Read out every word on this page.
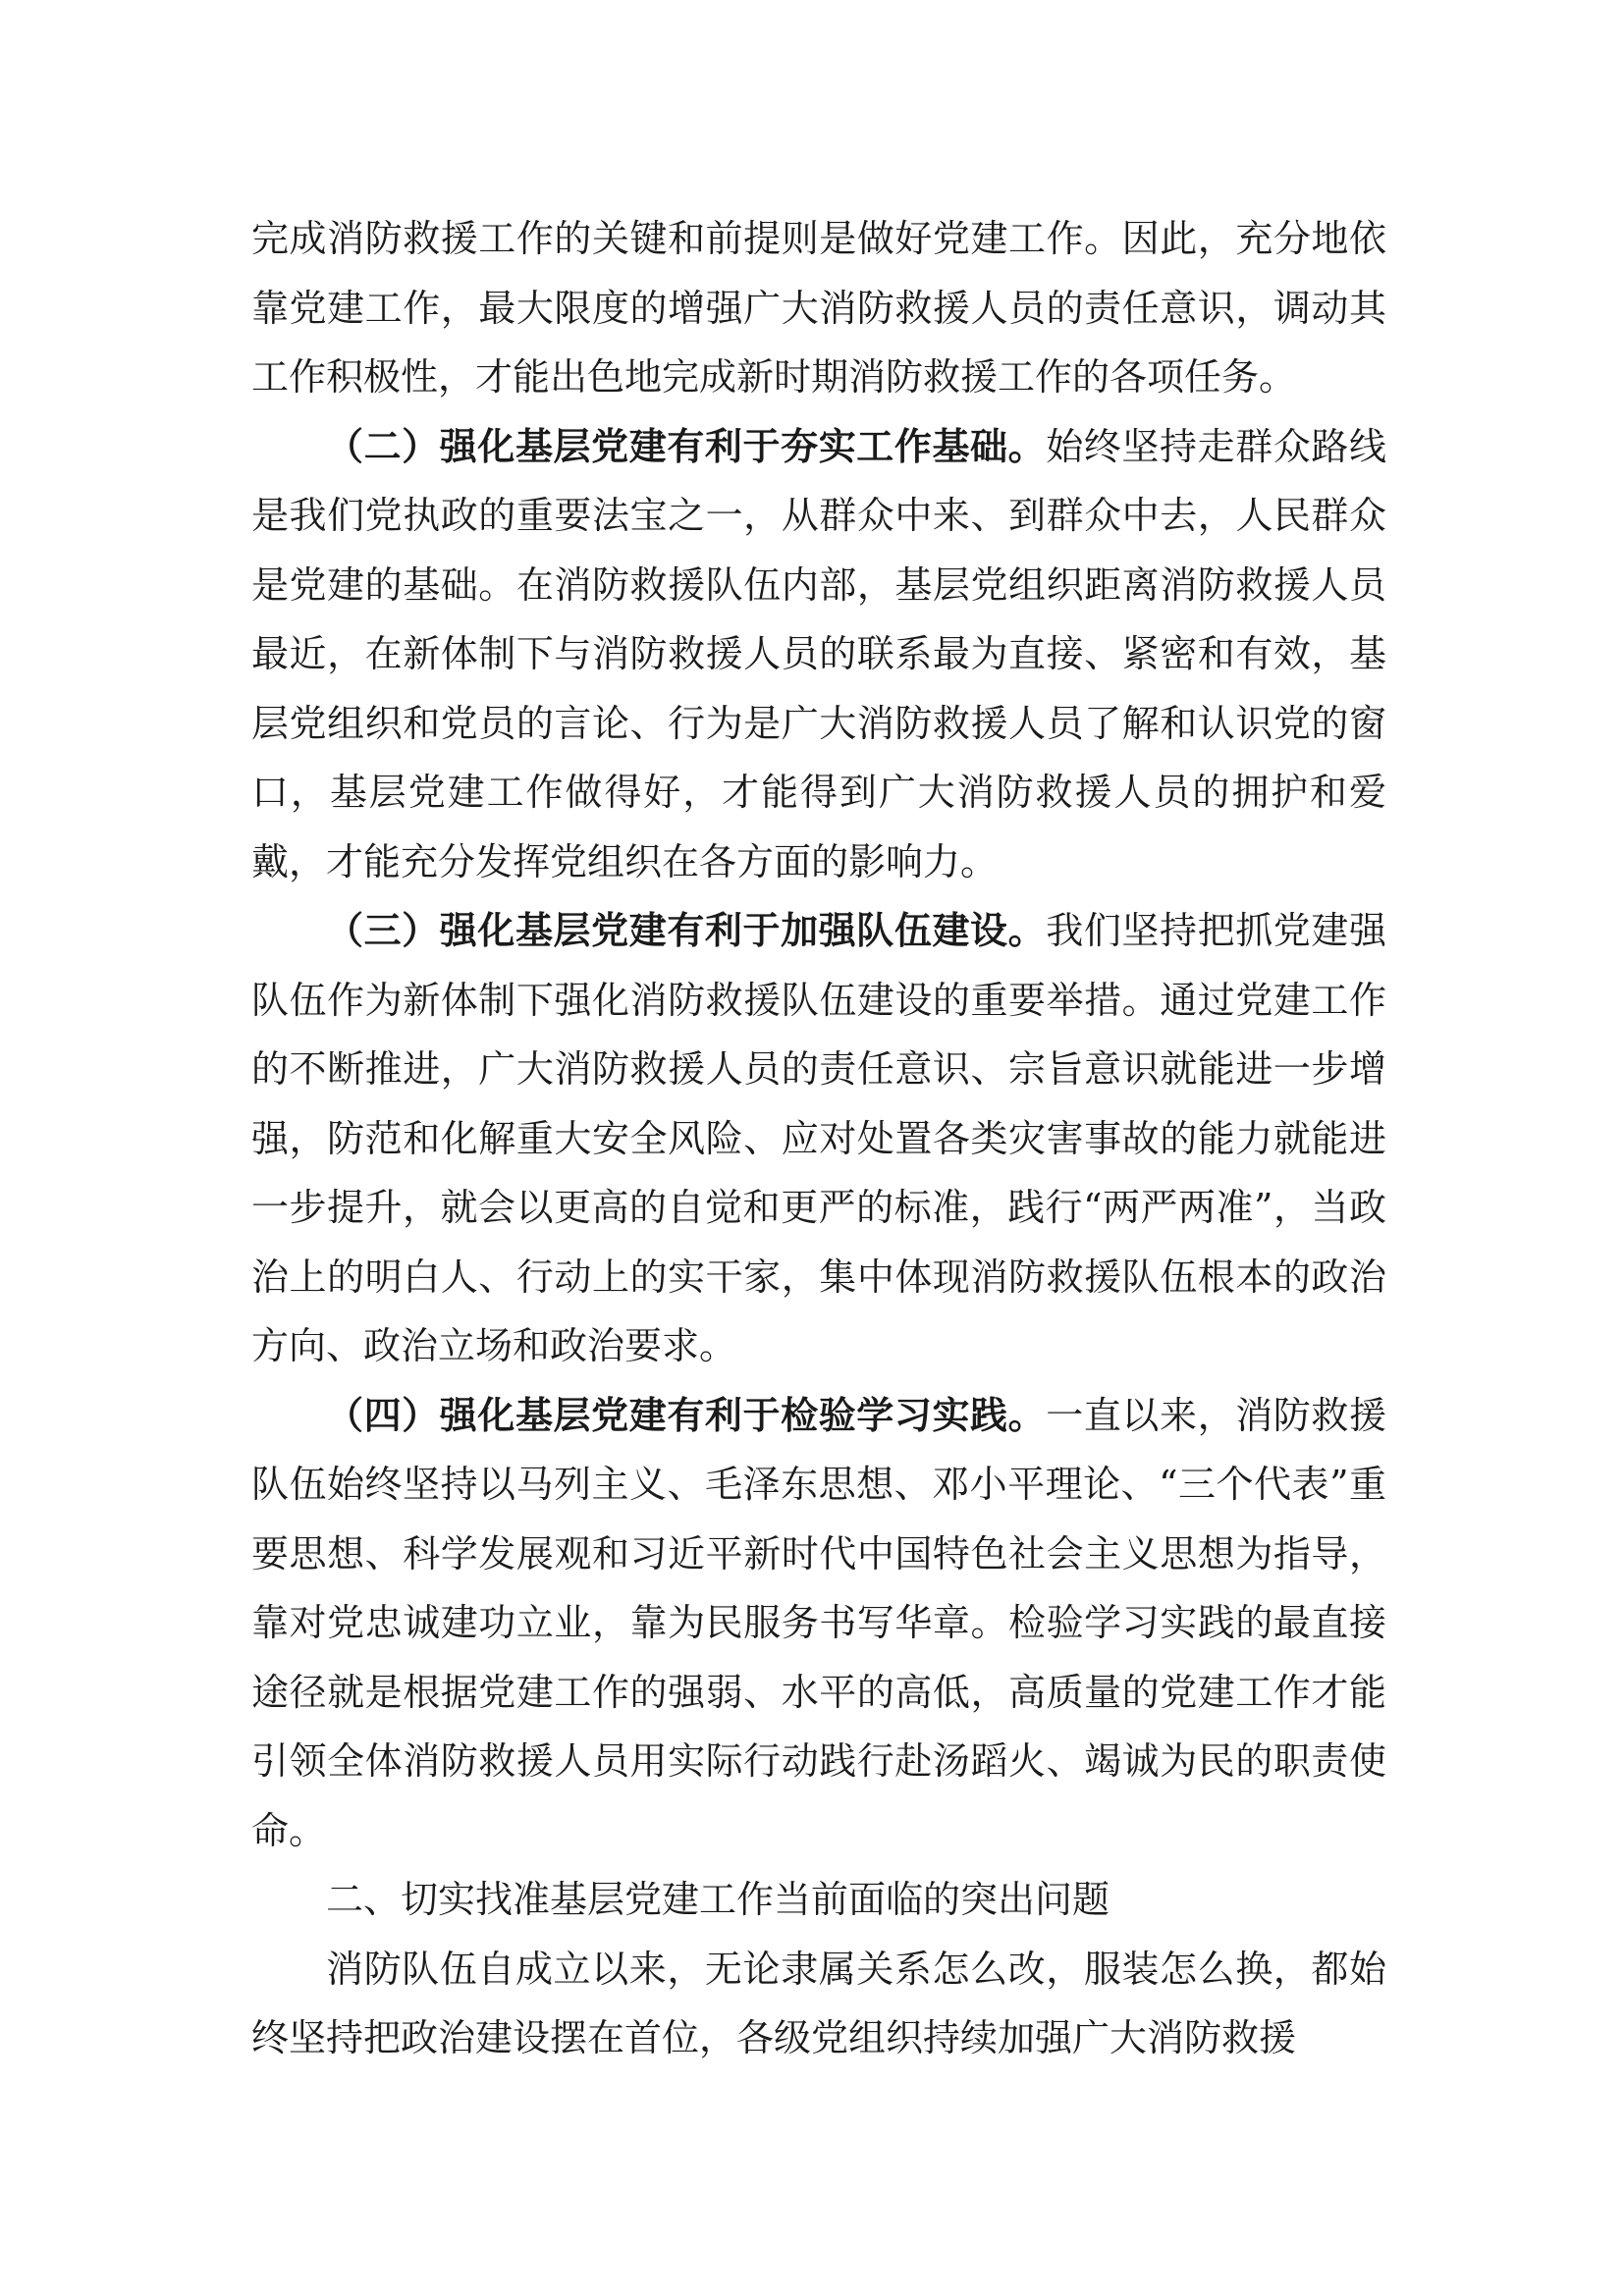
完成消防救援工作的关键和前提则是做好党建工作。因此，充分地依靠党建工作，最大限度的增强广大消防救援人员的责任意识，调动其工作积极性，才能出色地完成新时期消防救援工作的各项任务。

（二）强化基层党建有利于夯实工作基础。始终坚持走群众路线是我们党执政的重要法宝之一，从群众中来、到群众中去，人民群众是党建的基础。在消防救援队伍内部，基层党组织距离消防救援人员最近，在新体制下与消防救援人员的联系最为直接、紧密和有效，基层党组织和党员的言论、行为是广大消防救援人员了解和认识党的窗口，基层党建工作做得好，才能得到广大消防救援人员的拥护和爱戴，才能充分发挥党组织在各方面的影响力。

（三）强化基层党建有利于加强队伍建设。我们坚持把抓党建强队伍作为新体制下强化消防救援队伍建设的重要举措。通过党建工作的不断推进，广大消防救援人员的责任意识、宗旨意识就能进一步增强，防范和化解重大安全风险、应对处置各类灾害事故的能力就能进一步提升，就会以更高的自觉和更严的标准，践行“两严两准”，当政治上的明白人、行动上的实干家，集中体现消防救援队伍根本的政治方向、政治立场和政治要求。

（四）强化基层党建有利于检验学习实践。一直以来，消防救援队伍始终坚持以马列主义、毛泽东思想、邓小平理论、“三个代表”重要思想、科学发展观和习近平新时代中国特色社会主义思想为指导，靠对党忠诚建功立业，靠为民服务书写华章。检验学习实践的最直接途径就是根据党建工作的强弱、水平的高低，高质量的党建工作才能引领全体消防救援人员用实际行动践行赴汤蹈火、竭诚为民的职责使命。

二、切实找准基层党建工作当前面临的突出问题

消防队伍自成立以来，无论隶属关系怎么改，服装怎么换，都始终坚持把政治建设摆在首位，各级党组织持续加强广大消防救援
